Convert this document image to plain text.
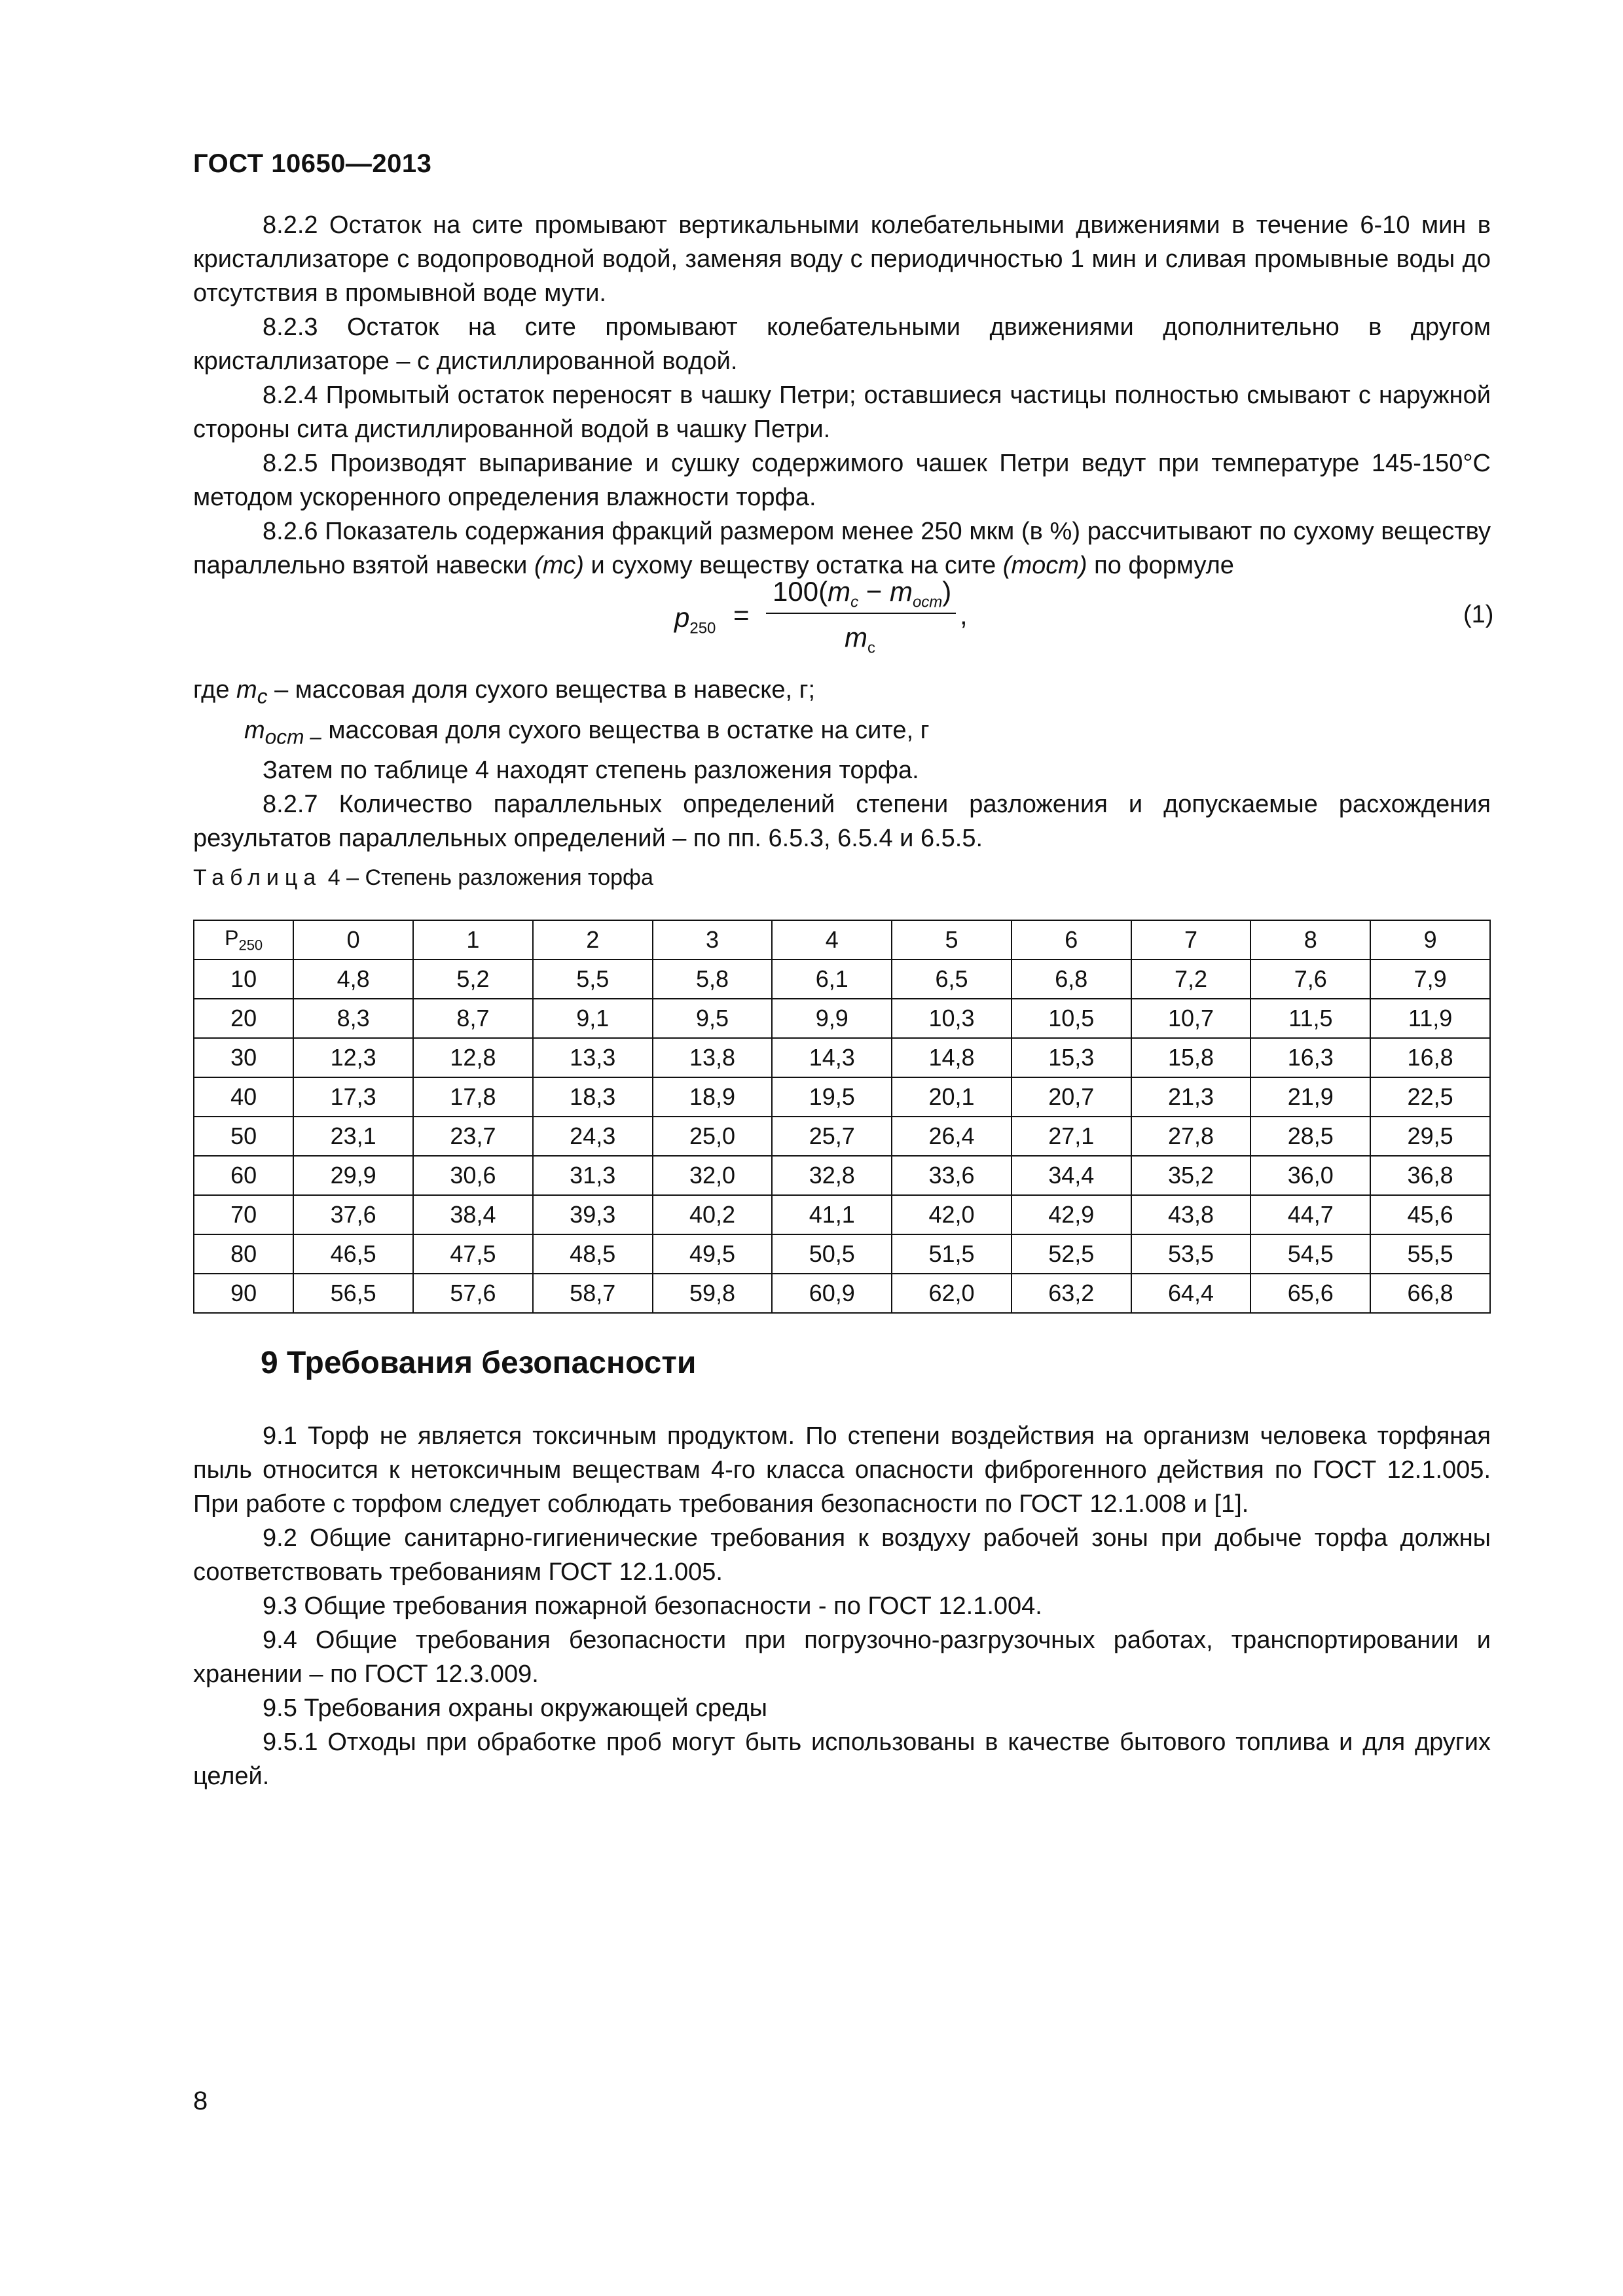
ГОСТ 10650—2013

8.2.2 Остаток на сите промывают вертикальными колебательными движениями в течение 6-10 мин в кристаллизаторе с водопроводной водой, заменяя воду с периодичностью 1 мин и сливая промывные воды до отсутствия в промывной воде мути.

8.2.3 Остаток на сите промывают колебательными движениями дополнительно в другом кристаллизаторе – с дистиллированной водой.

8.2.4 Промытый остаток переносят в чашку Петри; оставшиеся частицы полностью смывают с наружной стороны сита дистиллированной водой в чашку Петри.

8.2.5 Производят выпаривание и сушку содержимого чашек Петри ведут при температуре 145-150°С методом ускоренного определения влажности торфа.

8.2.6 Показатель содержания фракций размером менее 250 мкм (в %) рассчитывают по сухому веществу параллельно взятой навески (mc) и сухому веществу остатка на сите (mост) по формуле

$p_{250}$ =
$100(m_c - m_{ост})$
$m_c$
,	(1)
где $m_с$ – массовая доля сухого вещества в навеске, г;
$m_{ост -}$ массовая доля сухого вещества в остатке на сите, г
Затем по таблице 4 находят степень разложения торфа.
8.2.7 Количество параллельных определений степени разложения и допускаемые расхождения результатов параллельных определений – по пп. 6.5.3, 6.5.4 и 6.5.5.
Таблица 4 – Степень разложения торфа
$P_{250}$	0	1	2	3	4	5	6	7	8	9
10	4,8	5,2	5,5	5,8	6,1	6,5	6,8	7,2	7,6	7,9
20	8,3	8,7	9,1	9,5	9,9	10,3	10,5	10,7	11,5	11,9
30	12,3	12,8	13,3	13,8	14,3	14,8	15,3	15,8	16,3	16,8
40	17,3	17,8	18,3	18,9	19,5	20,1	20,7	21,3	21,9	22,5
50	23,1	23,7	24,3	25,0	25,7	26,4	27,1	27,8	28,5	29,5
60	29,9	30,6	31,3	32,0	32,8	33,6	34,4	35,2	36,0	36,8
70	37,6	38,4	39,3	40,2	41,1	42,0	42,9	43,8	44,7	45,6
80	46,5	47,5	48,5	49,5	50,5	51,5	52,5	53,5	54,5	55,5
90	56,5	57,6	58,7	59,8	60,9	62,0	63,2	64,4	65,6	66,8
9 Требования безопасности

9.1 Торф не является токсичным продуктом. По степени воздействия на организм человека торфяная пыль относится к нетоксичным веществам 4-го класса опасности фиброгенного действия по ГОСТ 12.1.005. При работе с торфом следует соблюдать требования безопасности по ГОСТ 12.1.008 и [1].

9.2 Общие санитарно-гигиенические требования к воздуху рабочей зоны при добыче торфа должны соответствовать требованиям ГОСТ 12.1.005.

9.3 Общие требования пожарной безопасности - по ГОСТ 12.1.004.

9.4 Общие требования безопасности при погрузочно-разгрузочных работах, транспортировании и хранении – по ГОСТ 12.3.009.

9.5 Требования охраны окружающей среды

9.5.1 Отходы при обработке проб могут быть использованы в качестве бытового топлива и для других целей.

8
